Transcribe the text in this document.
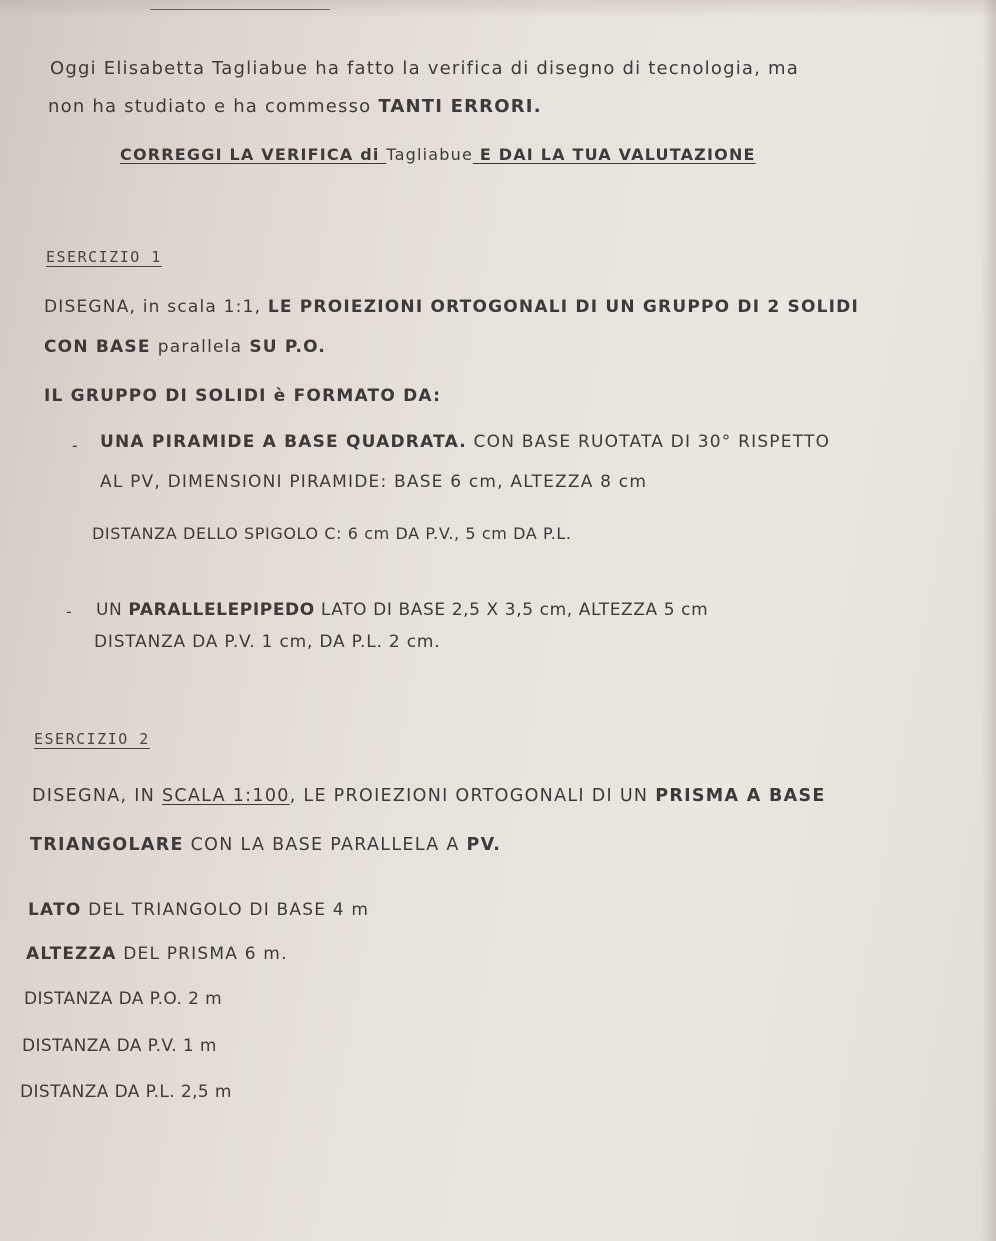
Oggi Elisabetta Tagliabue ha fatto la verifica di disegno di tecnologia, ma
non ha studiato e ha commesso TANTI ERRORI.
CORREGGI LA VERIFICA di Tagliabue E DAI LA TUA VALUTAZIONE
ESERCIZIO 1
DISEGNA, in scala 1:1, LE PROIEZIONI ORTOGONALI DI UN GRUPPO DI 2 SOLIDI
CON BASE parallela SU P.O.
IL GRUPPO DI SOLIDI è FORMATO DA:
- UNA PIRAMIDE A BASE QUADRATA. CON BASE RUOTATA DI 30° RISPETTO
AL PV, DIMENSIONI PIRAMIDE: BASE 6 cm, ALTEZZA 8 cm
DISTANZA DELLO SPIGOLO C: 6 cm DA P.V., 5 cm DA P.L.
- UN PARALLELEPIPEDO LATO DI BASE 2,5 X 3,5 cm, ALTEZZA 5 cm
DISTANZA DA P.V. 1 cm, DA P.L. 2 cm.
ESERCIZIO 2
DISEGNA, IN SCALA 1:100, LE PROIEZIONI ORTOGONALI DI UN PRISMA A BASE
TRIANGOLARE CON LA BASE PARALLELA A PV.
LATO DEL TRIANGOLO DI BASE 4 m
ALTEZZA DEL PRISMA 6 m.
DISTANZA DA P.O. 2 m
DISTANZA DA P.V. 1 m
DISTANZA DA P.L. 2,5 m
